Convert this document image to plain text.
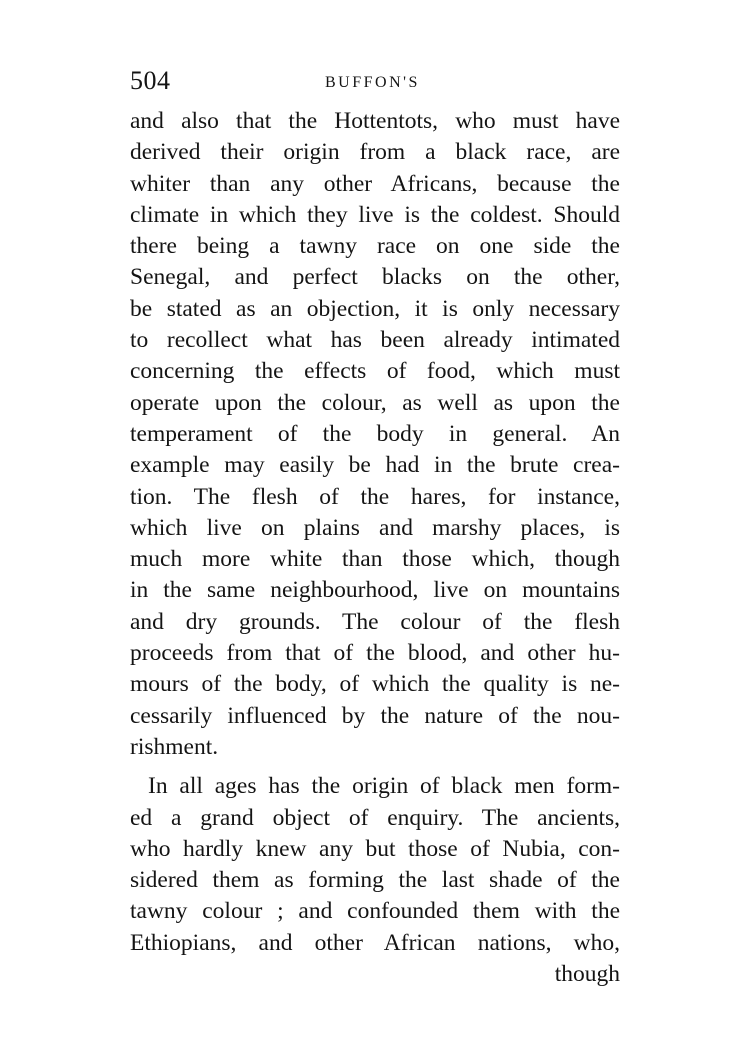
504	BUFFON'S
and also that the Hottentots, who must have
derived their origin from a black race, are
whiter than any other Africans, because the
climate in which they live is the coldest. Should
there being a tawny race on one side the
Senegal, and perfect blacks on the other,
be stated as an objection, it is only necessary
to recollect what has been already intimated
concerning the effects of food, which must
operate upon the colour, as well as upon the
temperament of the body in general. An
example may easily be had in the brute crea-
tion. The flesh of the hares, for instance,
which live on plains and marshy places, is
much more white than those which, though
in the same neighbourhood, live on mountains
and dry grounds. The colour of the flesh
proceeds from that of the blood, and other hu-
mours of the body, of which the quality is ne-
cessarily influenced by the nature of the nou-
rishment.
In all ages has the origin of black men form-
ed a grand object of enquiry. The ancients,
who hardly knew any but those of Nubia, con-
sidered them as forming the last shade of the
tawny colour ; and confounded them with the
Ethiopians, and other African nations, who,
though
